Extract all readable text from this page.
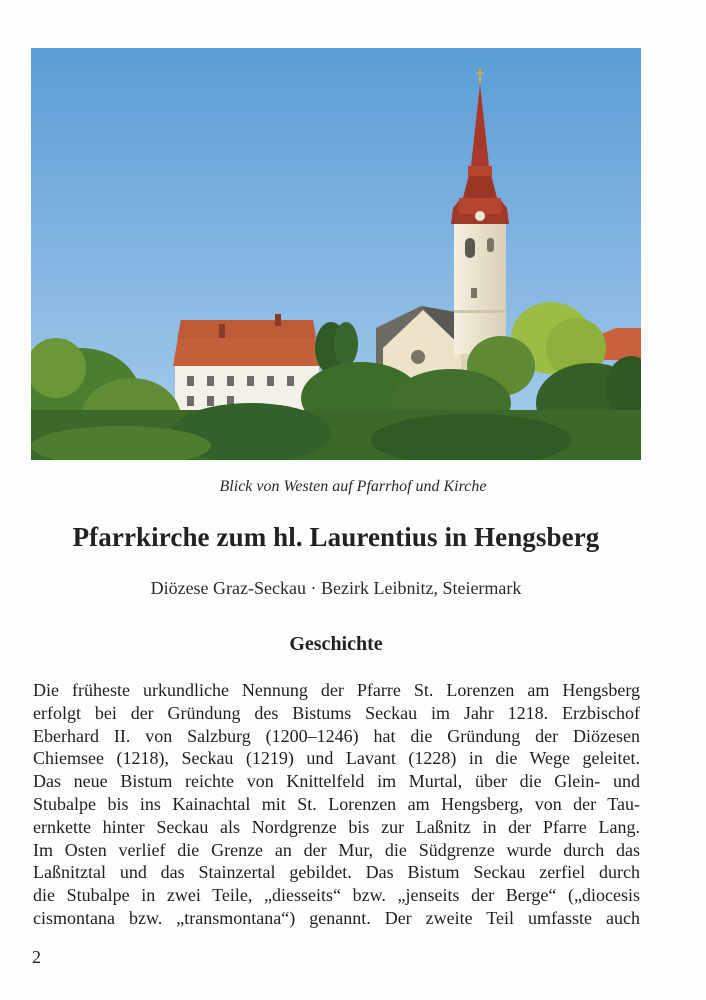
Blick von Westen auf Pfarrhof und Kirche
Pfarrkirche zum hl. Laurentius in Hengsberg
Diözese Graz-Seckau · Bezirk Leibnitz, Steiermark
Geschichte
Die früheste urkundliche Nennung der Pfarre St. Lorenzen am Hengsberg
erfolgt bei der Gründung des Bistums Seckau im Jahr 1218. Erzbischof
Eberhard II. von Salzburg (1200–1246) hat die Gründung der Diözesen
Chiemsee (1218), Seckau (1219) und Lavant (1228) in die Wege geleitet.
Das neue Bistum reichte von Knittelfeld im Murtal, über die Glein- und
Stubalpe bis ins Kainachtal mit St. Lorenzen am Hengsberg, von der Tau-
ernkette hinter Seckau als Nordgrenze bis zur Laßnitz in der Pfarre Lang.
Im Osten verlief die Grenze an der Mur, die Südgrenze wurde durch das
Laßnitztal und das Stainzertal gebildet. Das Bistum Seckau zerfiel durch
die Stubalpe in zwei Teile, „diesseits“ bzw. „jenseits der Berge“ („diocesis
cismontana bzw. „transmontana“) genannt. Der zweite Teil umfasste auch
2
